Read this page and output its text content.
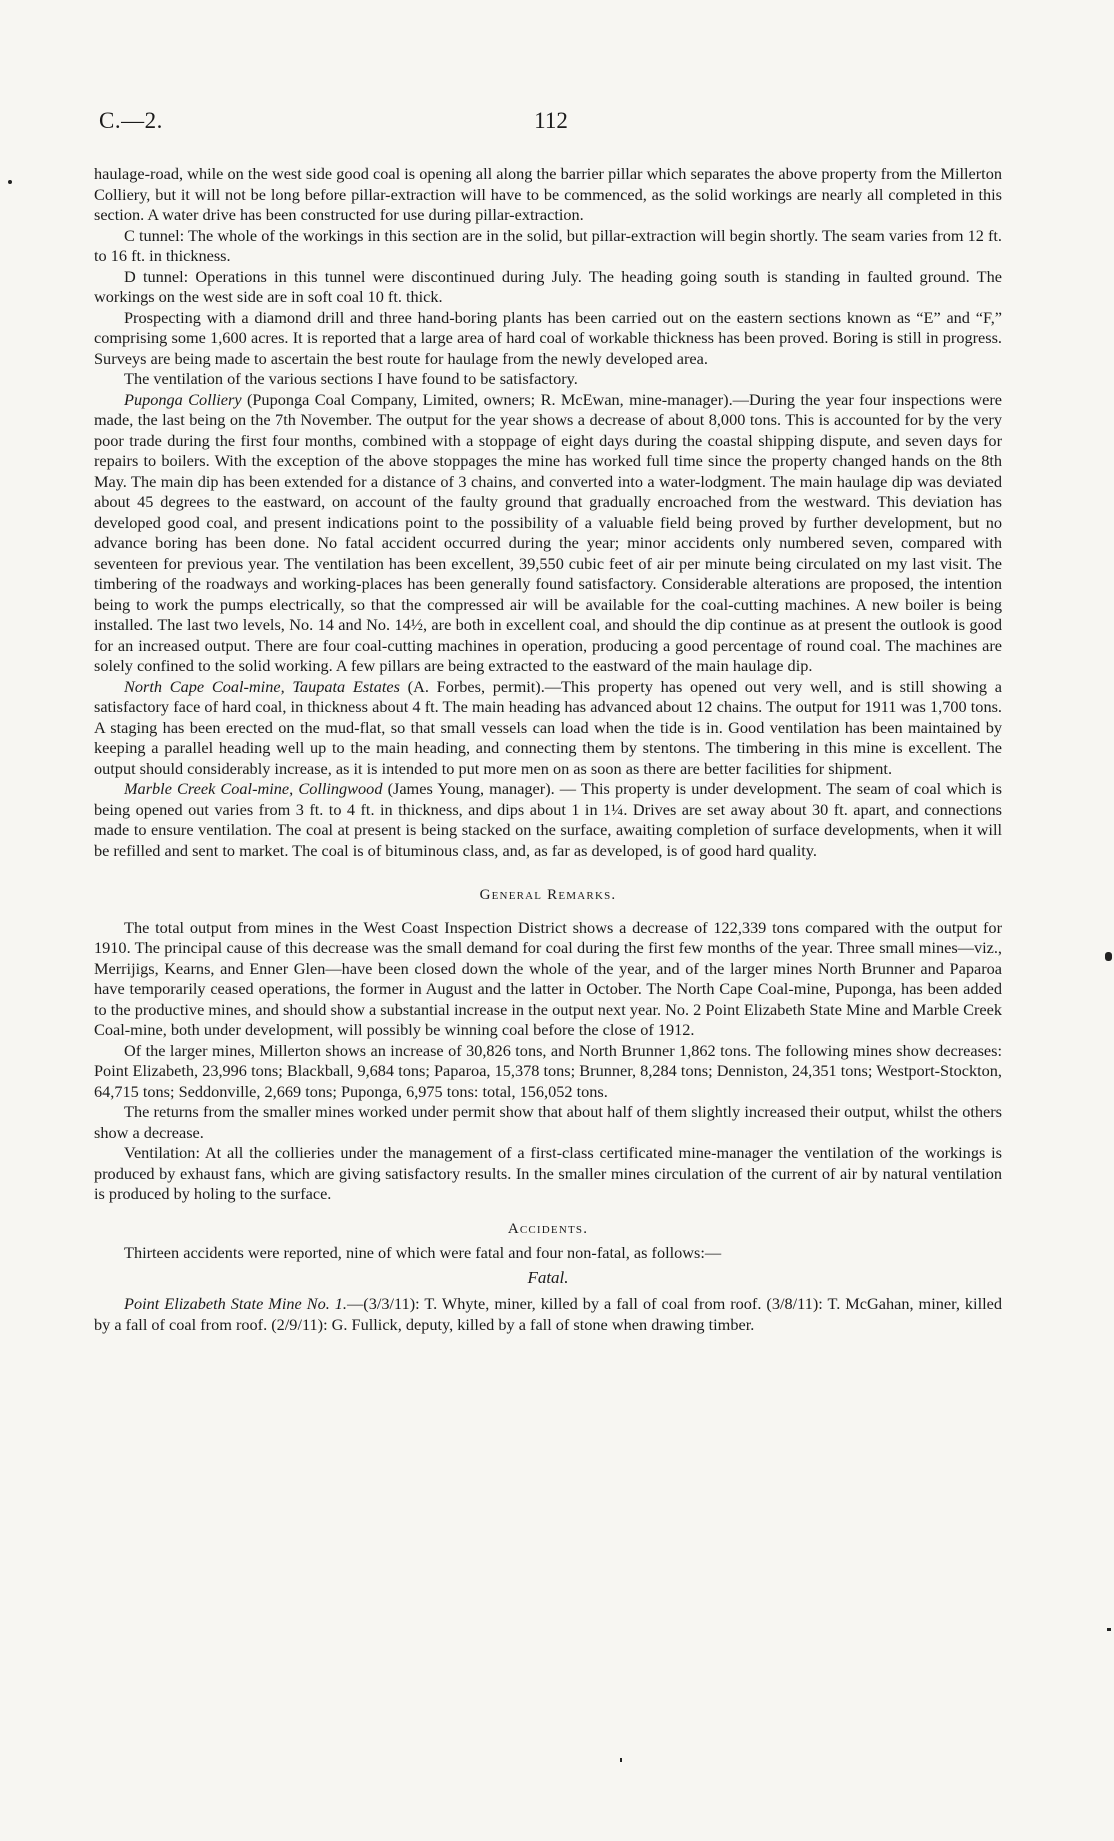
C.—2.	112

haulage-road, while on the west side good coal is opening all along the barrier pillar which separates the above property from the Millerton Colliery, but it will not be long before pillar-extraction will have to be commenced, as the solid workings are nearly all completed in this section. A water drive has been constructed for use during pillar-extraction.

C tunnel: The whole of the workings in this section are in the solid, but pillar-extraction will begin shortly. The seam varies from 12 ft. to 16 ft. in thickness.

D tunnel: Operations in this tunnel were discontinued during July. The heading going south is standing in faulted ground. The workings on the west side are in soft coal 10 ft. thick.

Prospecting with a diamond drill and three hand-boring plants has been carried out on the eastern sections known as “E” and “F,” comprising some 1,600 acres. It is reported that a large area of hard coal of workable thickness has been proved. Boring is still in progress. Surveys are being made to ascertain the best route for haulage from the newly developed area.

The ventilation of the various sections I have found to be satisfactory.

Puponga Colliery (Puponga Coal Company, Limited, owners; R. McEwan, mine-manager).—During the year four inspections were made, the last being on the 7th November. The output for the year shows a decrease of about 8,000 tons. This is accounted for by the very poor trade during the first four months, combined with a stoppage of eight days during the coastal shipping dispute, and seven days for repairs to boilers. With the exception of the above stoppages the mine has worked full time since the property changed hands on the 8th May. The main dip has been extended for a distance of 3 chains, and converted into a water-lodgment. The main haulage dip was deviated about 45 degrees to the eastward, on account of the faulty ground that gradually encroached from the westward. This deviation has developed good coal, and present indications point to the possibility of a valuable field being proved by further development, but no advance boring has been done. No fatal accident occurred during the year; minor accidents only numbered seven, compared with seventeen for previous year. The ventilation has been excellent, 39,550 cubic feet of air per minute being circulated on my last visit. The timbering of the roadways and working-places has been generally found satisfactory. Considerable alterations are proposed, the intention being to work the pumps electrically, so that the compressed air will be available for the coal-cutting machines. A new boiler is being installed. The last two levels, No. 14 and No. 14½, are both in excellent coal, and should the dip continue as at present the outlook is good for an increased output. There are four coal-cutting machines in operation, producing a good percentage of round coal. The machines are solely confined to the solid working. A few pillars are being extracted to the eastward of the main haulage dip.

North Cape Coal-mine, Taupata Estates (A. Forbes, permit).—This property has opened out very well, and is still showing a satisfactory face of hard coal, in thickness about 4 ft. The main heading has advanced about 12 chains. The output for 1911 was 1,700 tons. A staging has been erected on the mud-flat, so that small vessels can load when the tide is in. Good ventilation has been maintained by keeping a parallel heading well up to the main heading, and connecting them by stentons. The timbering in this mine is excellent. The output should considerably increase, as it is intended to put more men on as soon as there are better facilities for shipment.

Marble Creek Coal-mine, Collingwood (James Young, manager). — This property is under development. The seam of coal which is being opened out varies from 3 ft. to 4 ft. in thickness, and dips about 1 in 1¼. Drives are set away about 30 ft. apart, and connections made to ensure ventilation. The coal at present is being stacked on the surface, awaiting completion of surface developments, when it will be refilled and sent to market. The coal is of bituminous class, and, as far as developed, is of good hard quality.

General Remarks.

The total output from mines in the West Coast Inspection District shows a decrease of 122,339 tons compared with the output for 1910. The principal cause of this decrease was the small demand for coal during the first few months of the year. Three small mines—viz., Merrijigs, Kearns, and Enner Glen—have been closed down the whole of the year, and of the larger mines North Brunner and Paparoa have temporarily ceased operations, the former in August and the latter in October. The North Cape Coal-mine, Puponga, has been added to the productive mines, and should show a substantial increase in the output next year. No. 2 Point Elizabeth State Mine and Marble Creek Coal-mine, both under development, will possibly be winning coal before the close of 1912.

Of the larger mines, Millerton shows an increase of 30,826 tons, and North Brunner 1,862 tons. The following mines show decreases: Point Elizabeth, 23,996 tons; Blackball, 9,684 tons; Paparoa, 15,378 tons; Brunner, 8,284 tons; Denniston, 24,351 tons; Westport-Stockton, 64,715 tons; Seddonville, 2,669 tons; Puponga, 6,975 tons: total, 156,052 tons.

The returns from the smaller mines worked under permit show that about half of them slightly increased their output, whilst the others show a decrease.

Ventilation: At all the collieries under the management of a first-class certificated mine-manager the ventilation of the workings is produced by exhaust fans, which are giving satisfactory results. In the smaller mines circulation of the current of air by natural ventilation is produced by holing to the surface.

Accidents.

Thirteen accidents were reported, nine of which were fatal and four non-fatal, as follows:—

Fatal.

Point Elizabeth State Mine No. 1.—(3/3/11): T. Whyte, miner, killed by a fall of coal from roof. (3/8/11): T. McGahan, miner, killed by a fall of coal from roof. (2/9/11): G. Fullick, deputy, killed by a fall of stone when drawing timber.
